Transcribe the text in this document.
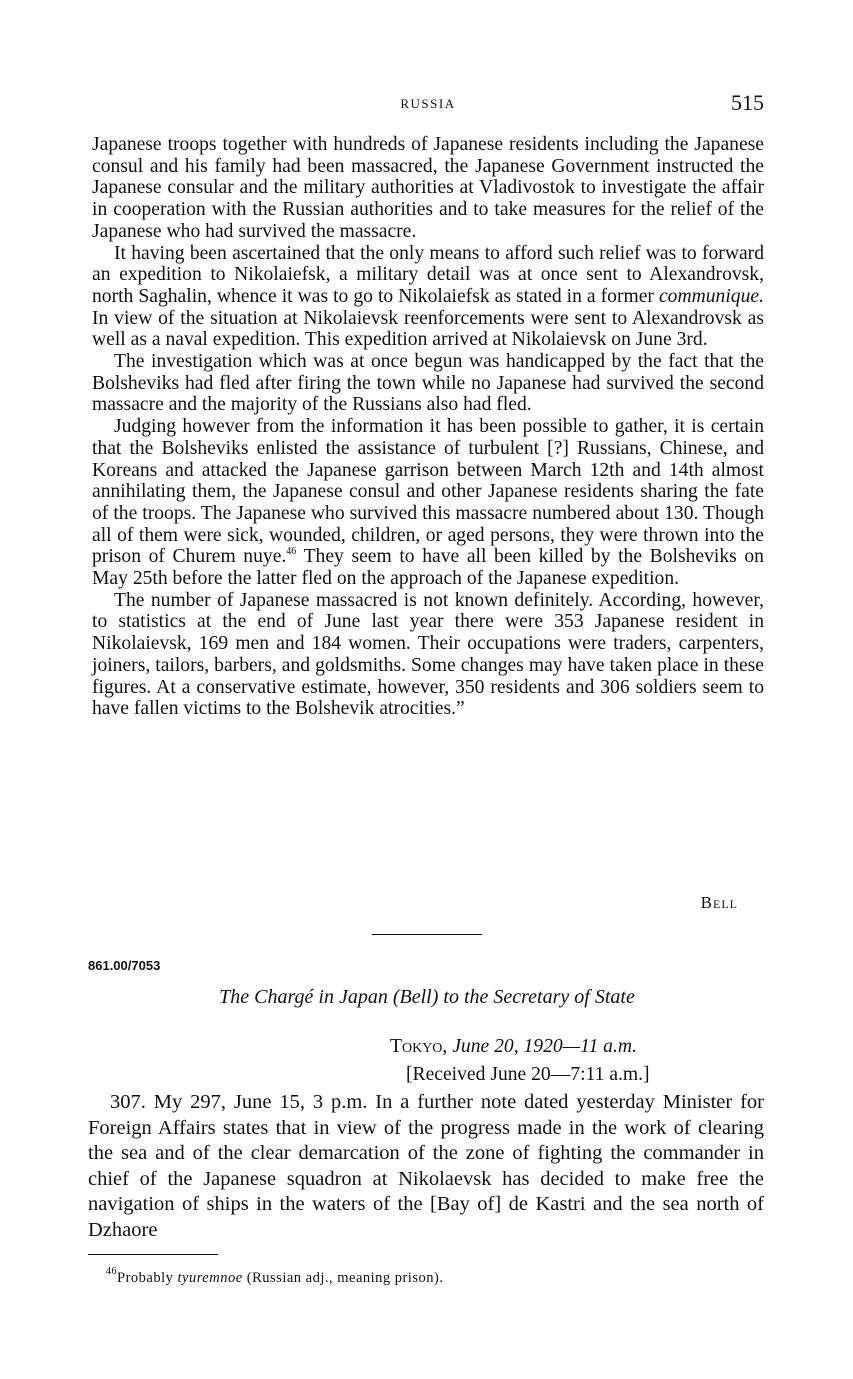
RUSSIA	515

Japanese troops together with hundreds of Japanese residents including the Japanese consul and his family had been massacred, the Japanese Government instructed the Japanese consular and the military authorities at Vladivostok to investigate the affair in cooperation with the Russian authorities and to take measures for the relief of the Japanese who had survived the massacre.

It having been ascertained that the only means to afford such relief was to forward an expedition to Nikolaiefsk, a military detail was at once sent to Alexandrovsk, north Saghalin, whence it was to go to Nikolaiefsk as stated in a former communique. In view of the situation at Nikolaievsk reenforcements were sent to Alexandrovsk as well as a naval expedition. This expedition arrived at Nikolaievsk on June 3rd.

The investigation which was at once begun was handicapped by the fact that the Bolsheviks had fled after firing the town while no Japanese had survived the second massacre and the majority of the Russians also had fled.

Judging however from the information it has been possible to gather, it is certain that the Bolsheviks enlisted the assistance of turbulent [?] Russians, Chinese, and Koreans and attacked the Japanese garrison between March 12th and 14th almost annihilating them, the Japanese consul and other Japanese residents sharing the fate of the troops. The Japanese who survived this massacre numbered about 130. Though all of them were sick, wounded, children, or aged persons, they were thrown into the prison of Churem nuye.$^{46}$ They seem to have all been killed by the Bolsheviks on May 25th before the latter fled on the approach of the Japanese expedition.

The number of Japanese massacred is not known definitely. According, however, to statistics at the end of June last year there were 353 Japanese resident in Nikolaievsk, 169 men and 184 women. Their occupations were traders, carpenters, joiners, tailors, barbers, and goldsmiths. Some changes may have taken place in these figures. At a conservative estimate, however, 350 residents and 306 soldiers seem to have fallen victims to the Bolshevik atrocities.”

Bell
861.00/7053
The Chargé in Japan (Bell) to the Secretary of State
Tokyo, June 20, 1920—11 a.m.
[Received June 20—7:11 a.m.]

307. My 297, June 15, 3 p.m. In a further note dated yesterday Minister for Foreign Affairs states that in view of the progress made in the work of clearing the sea and of the clear demarcation of the zone of fighting the commander in chief of the Japanese squadron at Nikolaevsk has decided to make free the navigation of ships in the waters of the [Bay of] de Kastri and the sea north of Dzhaore

$^{46}$Probably tyuremnoe (Russian adj., meaning prison).
